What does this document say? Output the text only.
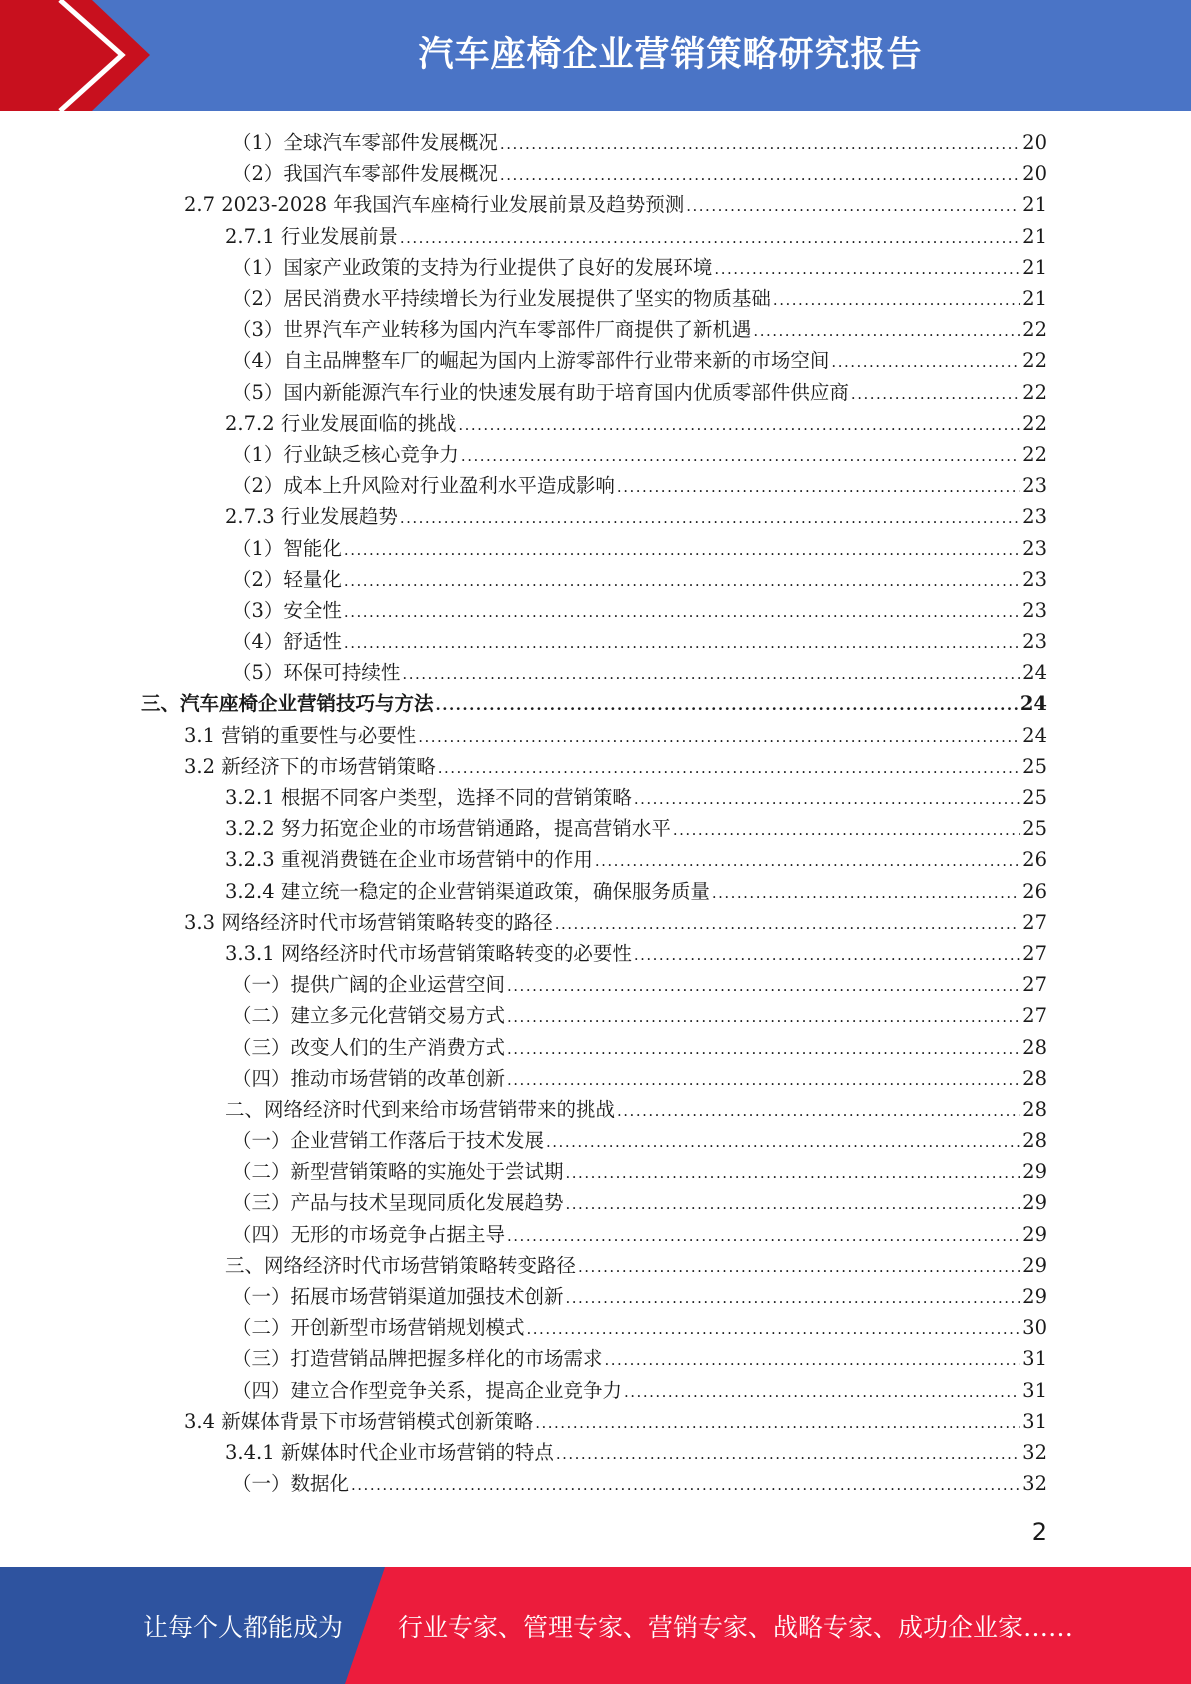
汽车座椅企业营销策略研究报告
（1）全球汽车零部件发展概况 .....	20
（2）我国汽车零部件发展概况 .....	20
2.7 2023-2028 年我国汽车座椅行业发展前景及趋势预测 .....	21
2.7.1 行业发展前景 .....	21
（1）国家产业政策的支持为行业提供了良好的发展环境 .....	21
（2）居民消费水平持续增长为行业发展提供了坚实的物质基础 .....	21
（3）世界汽车产业转移为国内汽车零部件厂商提供了新机遇 .....	22
（4）自主品牌整车厂的崛起为国内上游零部件行业带来新的市场空间 .....	22
（5）国内新能源汽车行业的快速发展有助于培育国内优质零部件供应商 .....	22
2.7.2 行业发展面临的挑战 .....	22
（1）行业缺乏核心竞争力 .....	22
（2）成本上升风险对行业盈利水平造成影响 .....	23
2.7.3 行业发展趋势 .....	23
（1）智能化 .....	23
（2）轻量化 .....	23
（3）安全性 .....	23
（4）舒适性 .....	23
（5）环保可持续性 .....	24
三、汽车座椅企业营销技巧与方法 .....	24
3.1 营销的重要性与必要性 .....	24
3.2 新经济下的市场营销策略 .....	25
3.2.1 根据不同客户类型，选择不同的营销策略 .....	25
3.2.2 努力拓宽企业的市场营销通路，提高营销水平 .....	25
3.2.3 重视消费链在企业市场营销中的作用 .....	26
3.2.4 建立统一稳定的企业营销渠道政策，确保服务质量 .....	26
3.3 网络经济时代市场营销策略转变的路径 .....	27
3.3.1 网络经济时代市场营销策略转变的必要性 .....	27
（一）提供广阔的企业运营空间 .....	27
（二）建立多元化营销交易方式 .....	27
（三）改变人们的生产消费方式 .....	28
（四）推动市场营销的改革创新 .....	28
二、网络经济时代到来给市场营销带来的挑战 .....	28
（一）企业营销工作落后于技术发展 .....	28
（二）新型营销策略的实施处于尝试期 .....	29
（三）产品与技术呈现同质化发展趋势 .....	29
（四）无形的市场竞争占据主导 .....	29
三、网络经济时代市场营销策略转变路径 .....	29
（一）拓展市场营销渠道加强技术创新 .....	29
（二）开创新型市场营销规划模式 .....	30
（三）打造营销品牌把握多样化的市场需求 .....	31
（四）建立合作型竞争关系，提高企业竞争力 .....	31
3.4 新媒体背景下市场营销模式创新策略 .....	31
3.4.1 新媒体时代企业市场营销的特点 .....	32
（一）数据化 .....	32
2
让每个人都能成为 行业专家、管理专家、营销专家、战略专家、成功企业家……
